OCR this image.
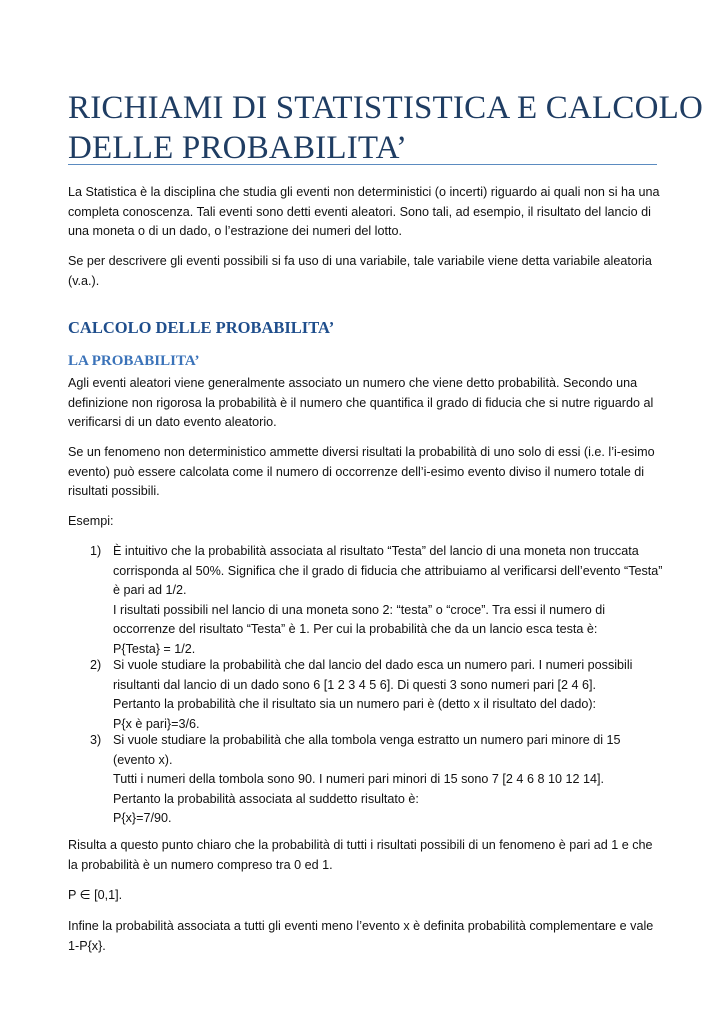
RICHIAMI DI STATISTISTICA E CALCOLO
DELLE PROBABILITA’
La Statistica è la disciplina che studia gli eventi non deterministici (o incerti) riguardo ai quali non si ha una
completa conoscenza. Tali eventi sono detti eventi aleatori. Sono tali, ad esempio, il risultato del lancio di
una moneta o di un dado, o l’estrazione dei numeri del lotto.
Se per descrivere gli eventi possibili si fa uso di una variabile, tale variabile viene detta variabile aleatoria
(v.a.).
CALCOLO DELLE PROBABILITA’
LA PROBABILITA’
Agli eventi aleatori viene generalmente associato un numero che viene detto probabilità. Secondo una
definizione non rigorosa la probabilità è il numero che quantifica il grado di fiducia che si nutre riguardo al
verificarsi di un dato evento aleatorio.
Se un fenomeno non deterministico ammette diversi risultati la probabilità di uno solo di essi (i.e. l’i-esimo
evento) può essere calcolata come il numero di occorrenze dell’i-esimo evento diviso il numero totale di
risultati possibili.
Esempi:
1) È intuitivo che la probabilità associata al risultato “Testa” del lancio di una moneta non truccata
corrisponda al 50%. Significa che il grado di fiducia che attribuiamo al verificarsi dell’evento “Testa”
è pari ad 1/2.
I risultati possibili nel lancio di una moneta sono 2: “testa” o “croce”. Tra essi il numero di
occorrenze del risultato “Testa” è 1. Per cui la probabilità che da un lancio esca testa è:
P{Testa} = 1/2.
2) Si vuole studiare la probabilità che dal lancio del dado esca un numero pari. I numeri possibili
risultanti dal lancio di un dado sono 6 [1 2 3 4 5 6]. Di questi 3 sono numeri pari [2 4 6].
Pertanto la probabilità che il risultato sia un numero pari è (detto x il risultato del dado):
P{x è pari}=3/6.
3) Si vuole studiare la probabilità che alla tombola venga estratto un numero pari minore di 15
(evento x).
Tutti i numeri della tombola sono 90. I numeri pari minori di 15 sono 7 [2 4 6 8 10 12 14].
Pertanto la probabilità associata al suddetto risultato è:
P{x}=7/90.
Risulta a questo punto chiaro che la probabilità di tutti i risultati possibili di un fenomeno è pari ad 1 e che
la probabilità è un numero compreso tra 0 ed 1.
P ∈ [0,1].
Infine la probabilità associata a tutti gli eventi meno l’evento x è definita probabilità complementare e vale
1-P{x}.
